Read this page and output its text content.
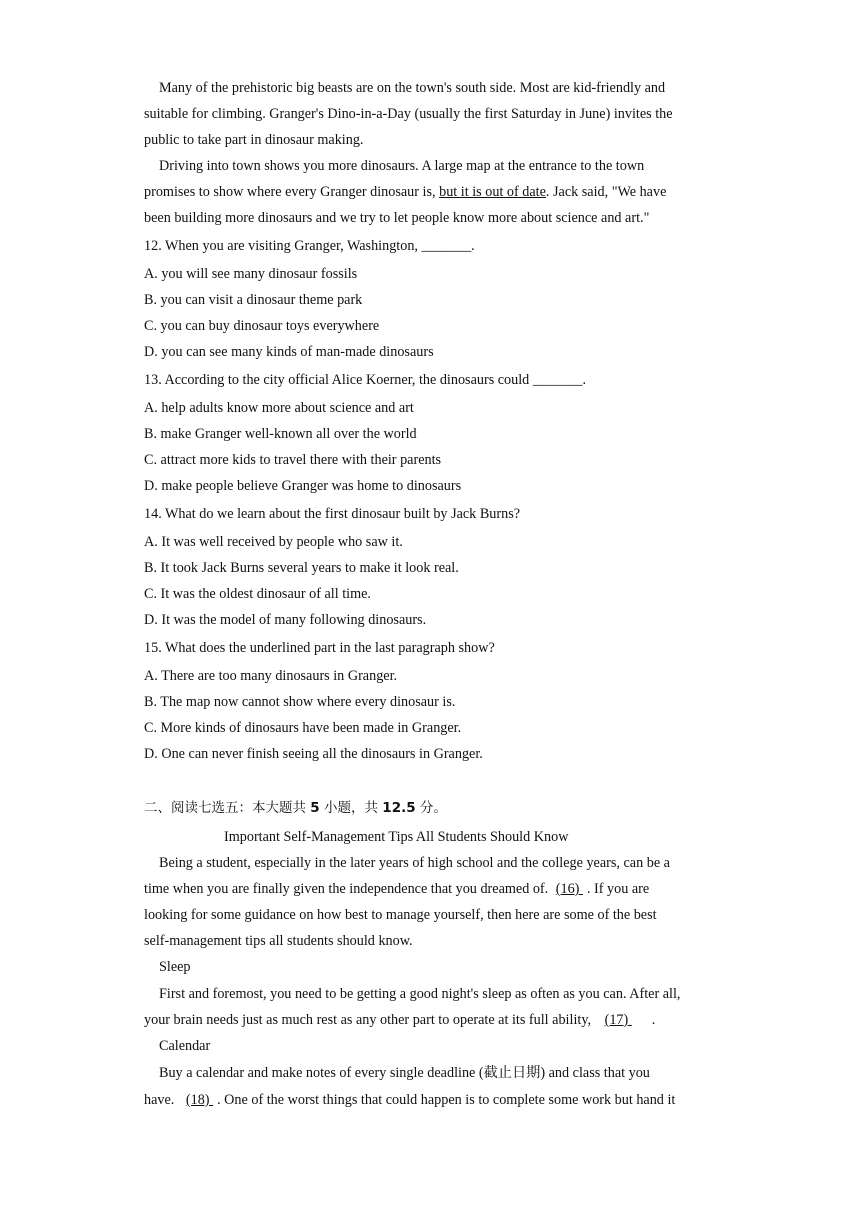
Many of the prehistoric big beasts are on the town's south side. Most are kid-friendly and
suitable for climbing. Granger's Dino-in-a-Day (usually the first Saturday in June) invites the
public to take part in dinosaur making.
Driving into town shows you more dinosaurs. A large map at the entrance to the town
promises to show where every Granger dinosaur is, but it is out of date. Jack said, "We have
been building more dinosaurs and we try to let people know more about science and art."
12. When you are visiting Granger, Washington, _______.
A. you will see many dinosaur fossils
B. you can visit a dinosaur theme park
C. you can buy dinosaur toys everywhere
D. you can see many kinds of man-made dinosaurs
13. According to the city official Alice Koerner, the dinosaurs could _______.
A. help adults know more about science and art
B. make Granger well-known all over the world
C. attract more kids to travel there with their parents
D. make people believe Granger was home to dinosaurs
14. What do we learn about the first dinosaur built by Jack Burns?
A. It was well received by people who saw it.
B. It took Jack Burns several years to make it look real.
C. It was the oldest dinosaur of all time.
D. It was the model of many following dinosaurs.
15. What does the underlined part in the last paragraph show?
A. There are too many dinosaurs in Granger.
B. The map now cannot show where every dinosaur is.
C. More kinds of dinosaurs have been made in Granger.
D. One can never finish seeing all the dinosaurs in Granger.
二、阅读七选五：本大题共 5 小题，共 12.5 分。
Important Self-Management Tips All Students Should Know
Being a student, especially in the later years of high school and the college years, can be a
time when you are finally given the independence that you dreamed of. (16) . If you are
looking for some guidance on how best to manage yourself, then here are some of the best
self-management tips all students should know.
Sleep
First and foremost, you need to be getting a good night's sleep as often as you can. After all,
your brain needs just as much rest as any other part to operate at its full ability, (17) .
Calendar
Buy a calendar and make notes of every single deadline (截止日期) and class that you
have. (18) . One of the worst things that could happen is to complete some work but hand it
